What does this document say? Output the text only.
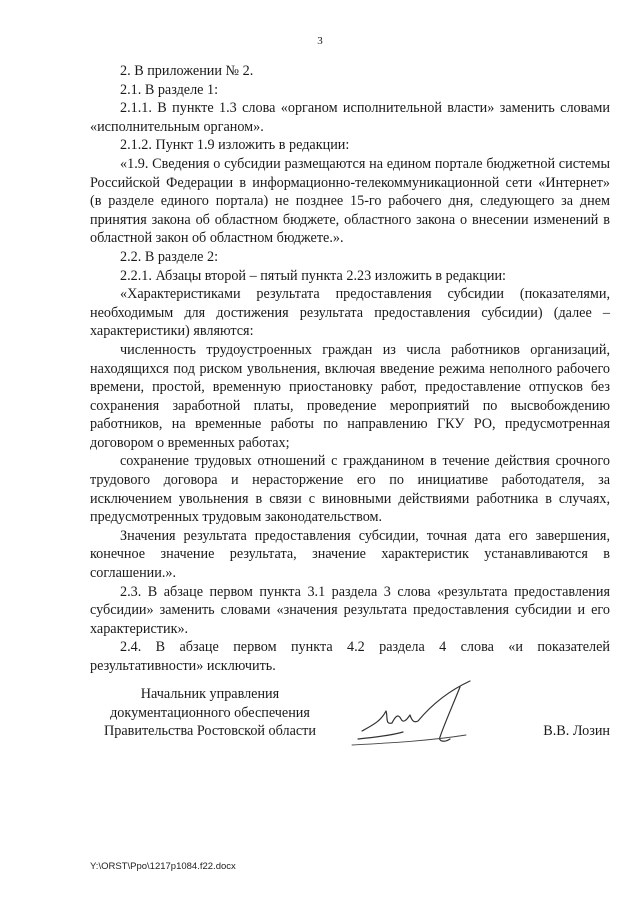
3

2. В приложении № 2.

2.1. В разделе 1:

2.1.1. В пункте 1.3 слова «органом исполнительной власти» заменить словами «исполнительным органом».

2.1.2. Пункт 1.9 изложить в редакции:

«1.9. Сведения о субсидии размещаются на едином портале бюджетной системы Российской Федерации в информационно-телекоммуникационной сети «Интернет» (в разделе единого портала) не позднее 15-го рабочего дня, следующего за днем принятия закона об областном бюджете, областного закона о внесении изменений в областной закон об областном бюджете.».

2.2. В разделе 2:

2.2.1. Абзацы второй – пятый пункта 2.23 изложить в редакции:

«Характеристиками результата предоставления субсидии (показателями, необходимым для достижения результата предоставления субсидии) (далее – характеристики) являются:

численность трудоустроенных граждан из числа работников организаций, находящихся под риском увольнения, включая введение режима неполного рабочего времени, простой, временную приостановку работ, предоставление отпусков без сохранения заработной платы, проведение мероприятий по высвобождению работников, на временные работы по направлению ГКУ РО, предусмотренная договором о временных работах;

сохранение трудовых отношений с гражданином в течение действия срочного трудового договора и нерасторжение его по инициативе работодателя, за исключением увольнения в связи с виновными действиями работника в случаях, предусмотренных трудовым законодательством.

Значения результата предоставления субсидии, точная дата его завершения, конечное значение результата, значение характеристик устанавливаются в соглашении.».

2.3. В абзаце первом пункта 3.1 раздела 3 слова «результата предоставления субсидии» заменить словами «значения результата предоставления субсидии и его характеристик».

2.4. В абзаце первом пункта 4.2 раздела 4 слова «и показателей результативности» исключить.

Начальник управления
документационного обеспечения
Правительства Ростовской области	В.В. Лозин
Y:\ORST\Ppo\1217p1084.f22.docx
